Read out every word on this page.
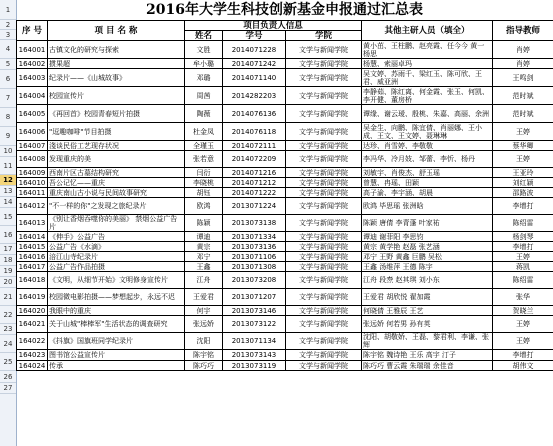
1
2
3
4
5
6
7
8
9
10
11
12
13
14
15
16
17
18
19
20
21
22
23
24
25
26
27
2016年大学生科技创新基金申报通过汇总表
序 号	项 目 名 称	项目负责人信息			其他主研人员（填全）	指导教师
		姓名	学号	学院		
164001	古镇文化的研究与探索	文胜	2014071228	文学与新闻学院	黄小茁、王柱鹏、赵亮霞、任今今 黄一 杨思	肖婷
164002	掼果超	牟小璐	2014071242	文学与新闻学院	杨慧、索丽卓玛	肖婷
164003	纪录片——《山城故事》	邓璐	2014071140	文学与新闻学院	吴文婷、苏雨千、梁红玉、陈可欣、王君、威亚洲	王鸣剑
164004	校园宣传片	周茜	2014282203	文学与新闻学院	李静茹、陈红离、何金霞、张玉、何凯、李开健、董房桥	范时斌
164005	《再回首》校园青春短片拍摄	陶薇	2014076136	文学与新闻学院	谭缘、谢云瑷、殷桃、朱嘉、高丽、余洲	范时斌
164006	"逗趣咖啡"节目拍摄	杜金凤	2014076118	文学与新闻学院	吴金生、向鹏、陈宜倩、肖丽娜、王小成、王文、王文婷、聂琳琳	王婷
164007	淺谈民俗工艺现存状况	全瑾玉	2014072111	文学与新闻学院	达珍、肖雪婷、李敬敬	蔡华卿
164008	发现重庆的美	张若意	2014072209	文学与新闻学院	李冯华、冷月妓、邹蕾、李忻、杨丹	王婷
164009	西南片区古墓结构研究	闫衍	2014071216	文学与新闻学院	刘敏宇、肖俊杰、舒玉瑶	王亚玲
164010	吾公记忆——重庆	李晓桃	2014071212	文学与新闻学院	曾慧、冉瑶、田颖	刘红颖
164011	重庆南山古小说与民间故事研究	胡钰	2014071222	文学与新闻学院	高子渝、李宇涵、胡晨	邵路波
164012	"不一样的你"之发现之旅纪录片	欧鸿	2013071224	文学与新闻学院	欧鸿 毕思瑶 张洲晗	李增打
164013	《别让香烟吞噬你的美丽》 禁烟公益广告片	陈颖	2013073138	文学与新闻学院	陈颖 唐倩 李青蓬 叶家祐	陈绍雷
164014	《伸手》公益广告	谭迪	2013071334	文学与新闻学院	谭迪 谢菲阳 李思钧	杨剑琴
164015	公益广告《水滴》	黄宗	2013073136	文学与新闻学院	黄宗 黄学艳 赵磊 张艺涵	李增打
164016	涪江山寺纪录片	邓宁	2013071106	文学与新闻学院	邓宁 王野 黄鑫 巨鹏 吴松	王婷
164017	公益广告作品拍摄	王鑫	2013071308	文学与新闻学院	王鑫 汤维萍 王德 陈宇	蒋凯
164018	《文明，从细节开始》文明修身宣传片	江舟	2013073208	文学与新闻学院	江舟 段焘 赵其琪 刘小东	陈绍雷
164019	校园微电影拍摄——梦想起步，永远不迟	王爱君	2013071207	文学与新闻学院	王爱君 胡欣悦 翟加霞	张华
164020	我眼中的重庆	何宇	2013073146	文学与新闻学院	何晓倩 王雅辰 王艺	贺晓兰
164021	关于山城"棒棒军"生活状态的调查研究	张远娇	2013073122	文学与新闻学院	张远娇 何若男 孙有英	王婷
164022	《抖旗》国旗班同学纪录片	沈阳	2013071134	文学与新闻学院	沈阳、胡敬娇、王磊、黎君利、李谦、张辉	王婷
164023	图书馆公益宣传片	陈宇铭	2013073143	文学与新闻学院	陈宇铭 魏诗艳 王乐 高宇 汀子	李增打
164024	传承	陈巧巧	2013073119	文学与新闻学院	陈巧巧 曹云霞 朱瑞瑞 余佳音	胡伟文
